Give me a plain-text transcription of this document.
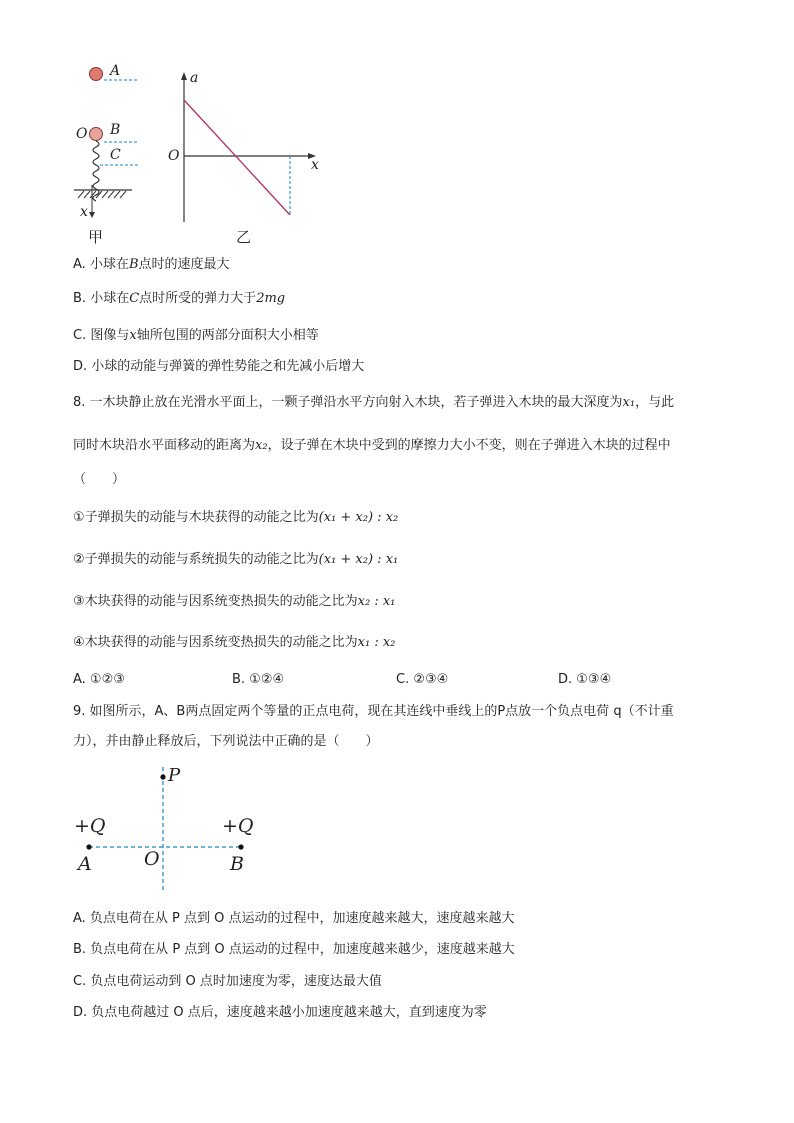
A
O B
C
x
甲
a
O
x
乙
A. 小球在B点时的速度最大
B. 小球在C点时所受的弹力大于2mg
C. 图像与x轴所包围的两部分面积大小相等
D. 小球的动能与弹簧的弹性势能之和先减小后增大
8. 一木块静止放在光滑水平面上，一颗子弹沿水平方向射入木块，若子弹进入木块的最大深度为x₁，与此
同时木块沿水平面移动的距离为x₂，设子弹在木块中受到的摩擦力大小不变，则在子弹进入木块的过程中
（　　）
①子弹损失的动能与木块获得的动能之比为(x₁ + x₂) : x₂
②子弹损失的动能与系统损失的动能之比为(x₁ + x₂) : x₁
③木块获得的动能与因系统变热损失的动能之比为x₂ : x₁
④木块获得的动能与因系统变热损失的动能之比为x₁ : x₂
A. ①②③	B. ①②④	C. ②③④	D. ①③④
9. 如图所示，A、B两点固定两个等量的正点电荷，现在其连线中垂线上的P点放一个负点电荷 q（不计重
力），并由静止释放后，下列说法中正确的是（　　）
P
+Q	+Q
A	O	B
A. 负点电荷在从 P 点到 O 点运动的过程中，加速度越来越大，速度越来越大
B. 负点电荷在从 P 点到 O 点运动的过程中，加速度越来越少，速度越来越大
C. 负点电荷运动到 O 点时加速度为零，速度达最大值
D. 负点电荷越过 O 点后，速度越来越小加速度越来越大，直到速度为零
